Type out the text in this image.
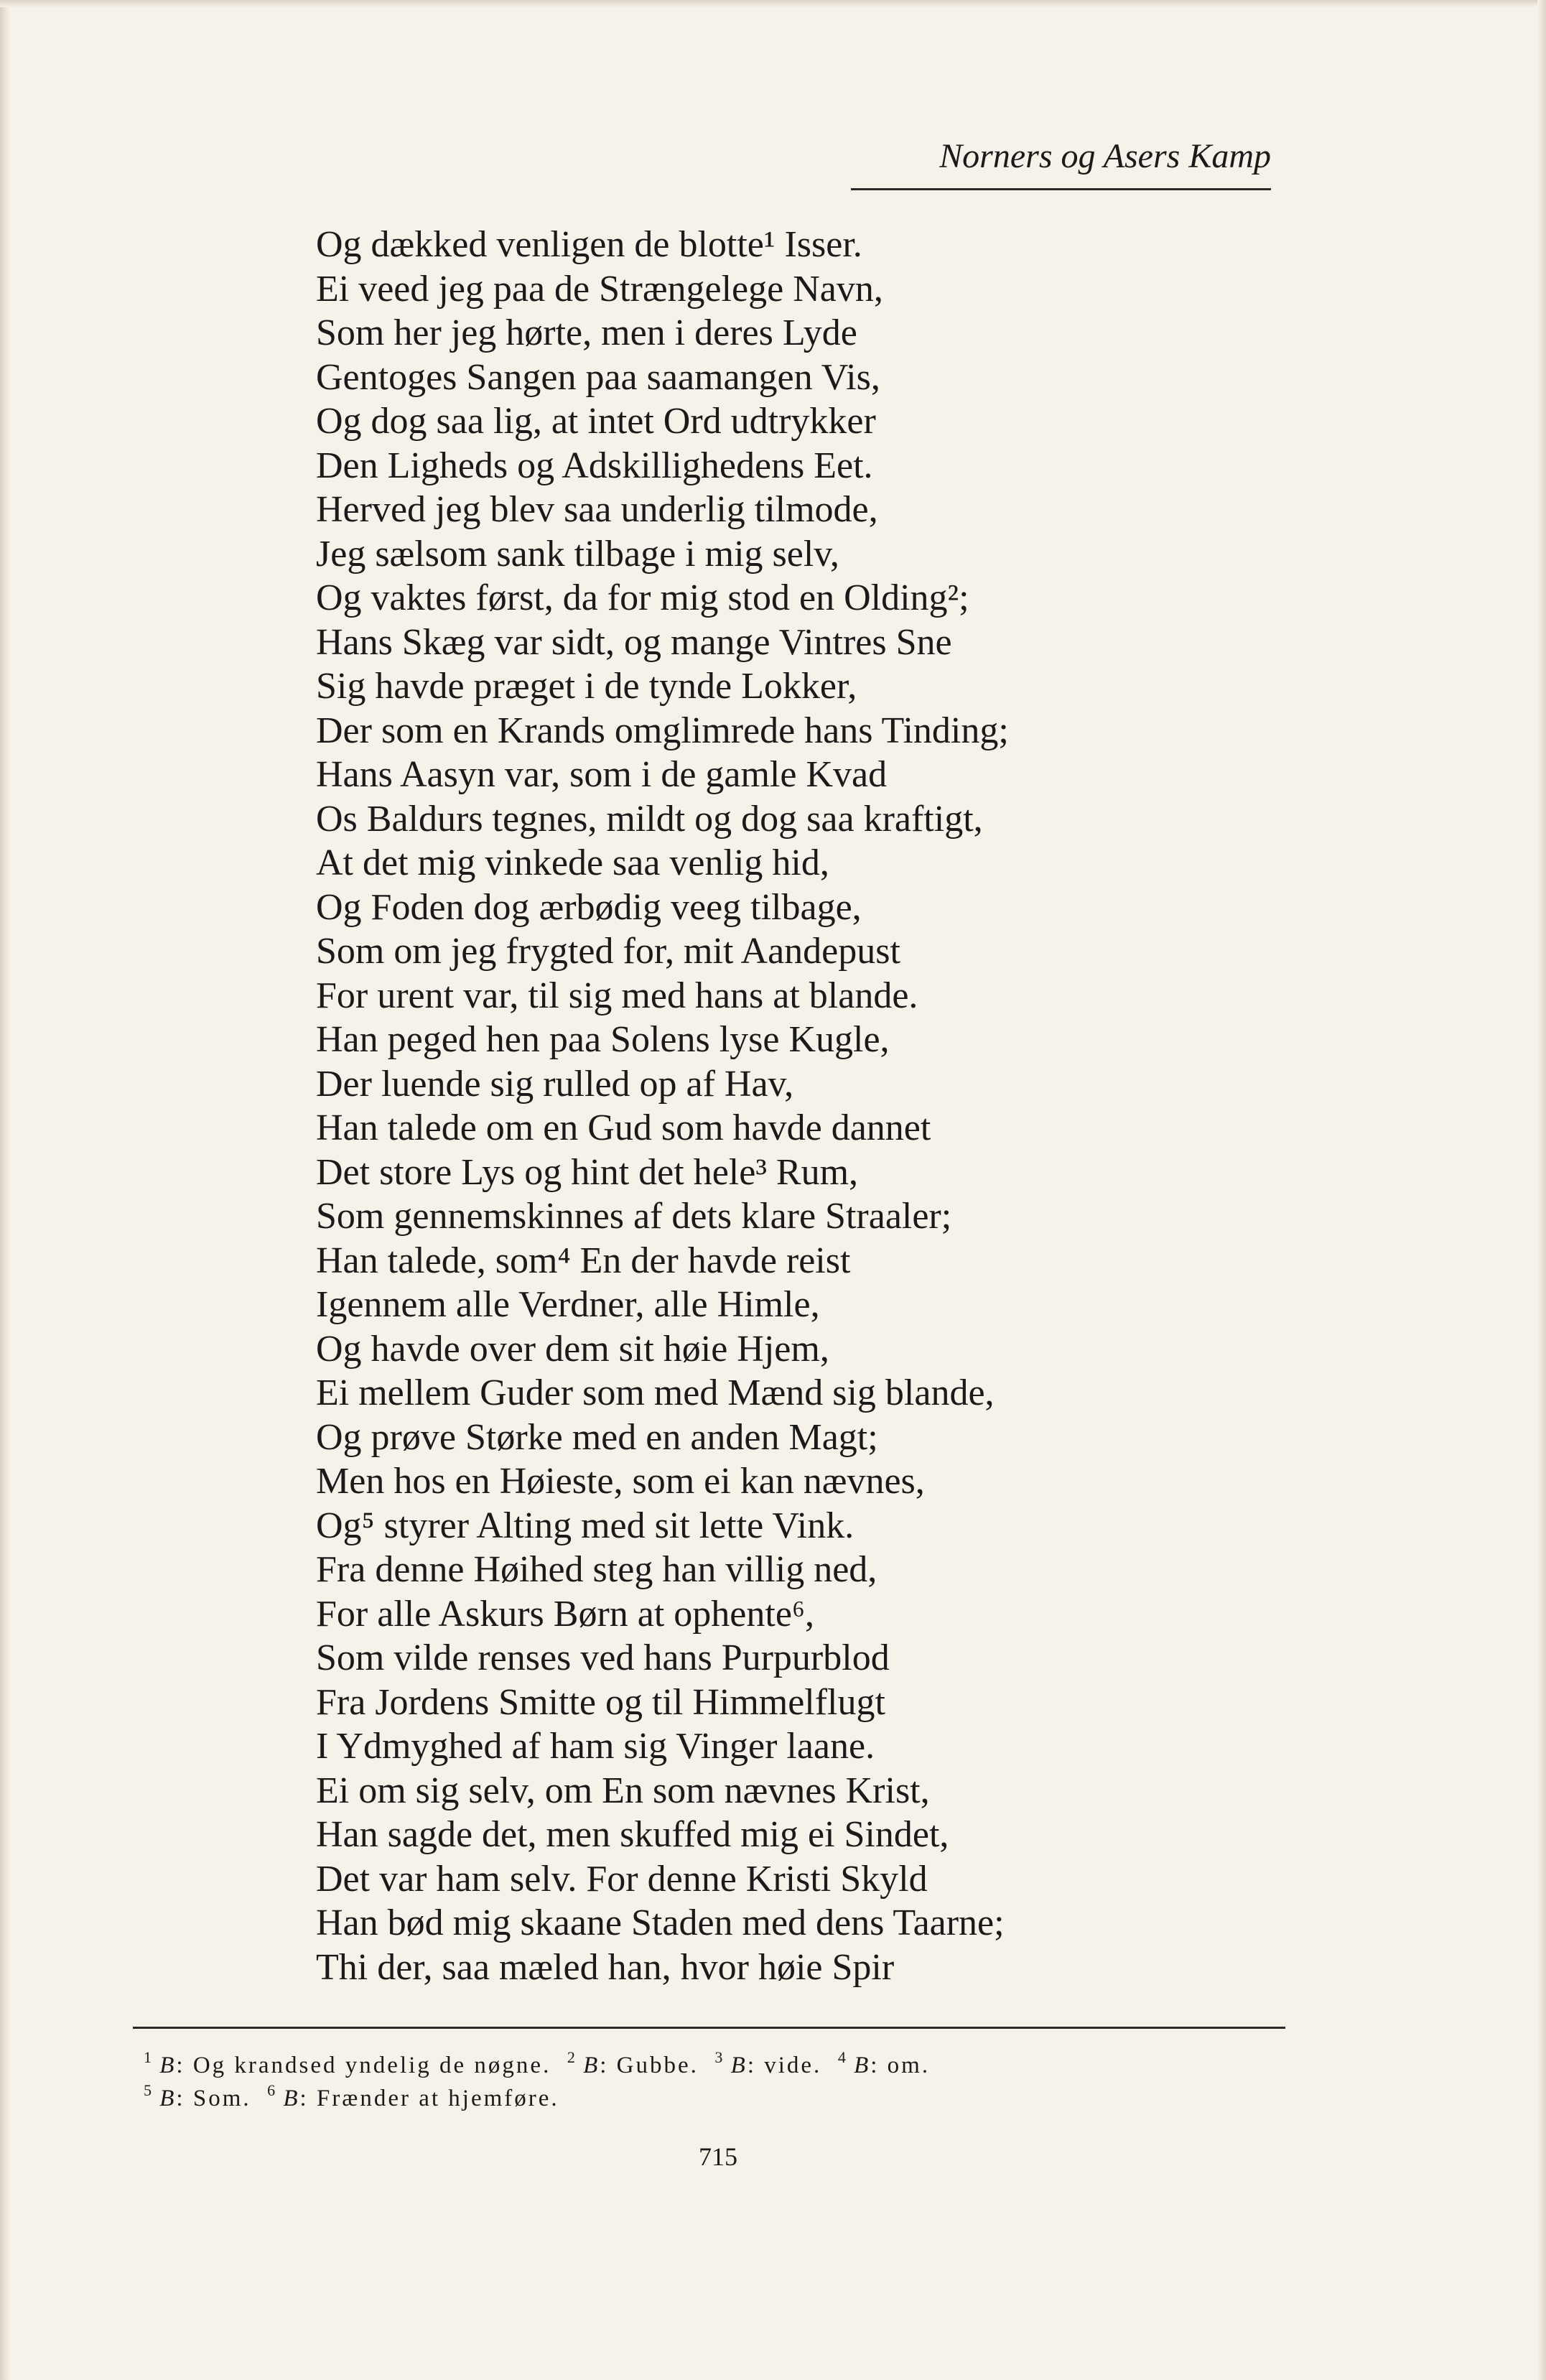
Norners og Asers Kamp
Og dækked venligen de blotte¹ Isser.
Ei veed jeg paa de Strængelege Navn,
Som her jeg hørte, men i deres Lyde
Gentoges Sangen paa saamangen Vis,
Og dog saa lig, at intet Ord udtrykker
Den Ligheds og Adskillighedens Eet.
Herved jeg blev saa underlig tilmode,
Jeg sælsom sank tilbage i mig selv,
Og vaktes først, da for mig stod en Olding²;
Hans Skæg var sidt, og mange Vintres Sne
Sig havde præget i de tynde Lokker,
Der som en Krands omglimrede hans Tinding;
Hans Aasyn var, som i de gamle Kvad
Os Baldurs tegnes, mildt og dog saa kraftigt,
At det mig vinkede saa venlig hid,
Og Foden dog ærbødig veeg tilbage,
Som om jeg frygted for, mit Aandepust
For urent var, til sig med hans at blande.
Han peged hen paa Solens lyse Kugle,
Der luende sig rulled op af Hav,
Han talede om en Gud som havde dannet
Det store Lys og hint det hele³ Rum,
Som gennemskinnes af dets klare Straaler;
Han talede, som⁴ En der havde reist
Igennem alle Verdner, alle Himle,
Og havde over dem sit høie Hjem,
Ei mellem Guder som med Mænd sig blande,
Og prøve Størke med en anden Magt;
Men hos en Høieste, som ei kan nævnes,
Og⁵ styrer Alting med sit lette Vink.
Fra denne Høihed steg han villig ned,
For alle Askurs Børn at ophente⁶,
Som vilde renses ved hans Purpurblod
Fra Jordens Smitte og til Himmelflugt
I Ydmyghed af ham sig Vinger laane.
Ei om sig selv, om En som nævnes Krist,
Han sagde det, men skuffed mig ei Sindet,
Det var ham selv. For denne Kristi Skyld
Han bød mig skaane Staden med dens Taarne;
Thi der, saa mæled han, hvor høie Spir
$^1$ B: Og krandsed yndelig de nøgne. $^2$ B: Gubbe. $^3$ B: vide. $^4$ B: om.
$^5$ B: Som. $^6$ B: Frænder at hjemføre.
715
